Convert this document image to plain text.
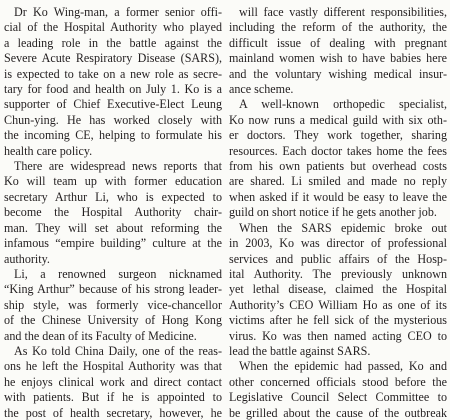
Dr Ko Wing-man, a former senior offi-
cial of the Hospital Authority who played
a leading role in the battle against the
Severe Acute Respiratory Disease (SARS),
is expected to take on a new role as secre-
tary for food and health on July 1. Ko is a
supporter of Chief Executive-Elect Leung
Chun-ying. He has worked closely with
the incoming CE, helping to formulate his
health care policy.
There are widespread news reports that
Ko will team up with former education
secretary Arthur Li, who is expected to
become the Hospital Authority chair-
man. They will set about reforming the
infamous “empire building” culture at the
authority.
Li, a renowned surgeon nicknamed
“King Arthur” because of his strong leader-
ship style, was formerly vice-chancellor
of the Chinese University of Hong Kong
and the dean of its Faculty of Medicine.
As Ko told China Daily, one of the reas-
ons he left the Hospital Authority was that
he enjoys clinical work and direct contact
with patients. But if he is appointed to
the post of health secretary, however, he
will face vastly different responsibilities,
including the reform of the authority, the
difficult issue of dealing with pregnant
mainland women wish to have babies here
and the voluntary wishing medical insur-
ance scheme.
A well-known orthopedic specialist,
Ko now runs a medical guild with six oth-
er doctors. They work together, sharing
resources. Each doctor takes home the fees
from his own patients but overhead costs
are shared. Li smiled and made no reply
when asked if it would be easy to leave the
guild on short notice if he gets another job.
When the SARS epidemic broke out
in 2003, Ko was director of professional
services and public affairs of the Hosp-
ital Authority. The previously unknown
yet lethal disease, claimed the Hospital
Authority’s CEO William Ho as one of its
victims after he fell sick of the mysterious
virus. Ko was then named acting CEO to
lead the battle against SARS.
When the epidemic had passed, Ko and
other concerned officials stood before the
Legislative Council Select Committee to
be grilled about the cause of the outbreak
